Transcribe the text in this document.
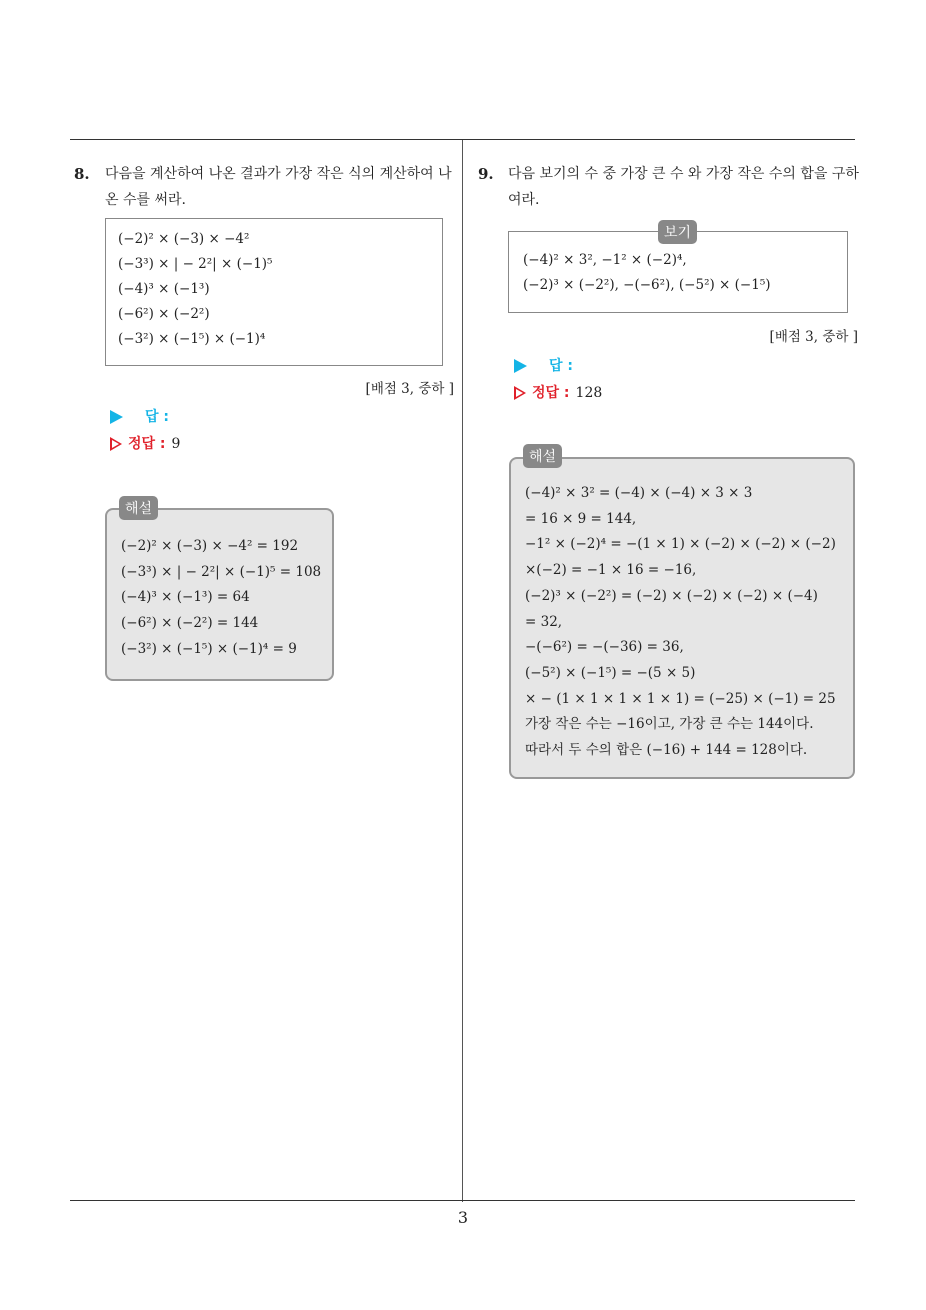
8. 다음을 계산하여 나온 결과가 가장 작은 식의 계산하여 나온 수를 써라.
(−2)² × (−3) × −4²
(−3³) × | − 2²| × (−1)⁵
(−4)³ × (−1³)
(−6²) × (−2²)
(−3²) × (−1⁵) × (−1)⁴
[배점 3, 중하 ]
답 :
정답 : 9
(−2)² × (−3) × −4² = 192
(−3³) × | − 2²| × (−1)⁵ = 108
(−4)³ × (−1³) = 64
(−6²) × (−2²) = 144
(−3²) × (−1⁵) × (−1)⁴ = 9
해설
9. 다음 보기의 수 중 가장 큰 수 와 가장 작은 수의 합을 구하여라.
(−4)² × 3², −1² × (−2)⁴,
(−2)³ × (−2²), −(−6²), (−5²) × (−1⁵)
보기
[배점 3, 중하 ]
답 :
정답 : 128
(−4)² × 3² = (−4) × (−4) × 3 × 3
= 16 × 9 = 144,
−1² × (−2)⁴ = −(1 × 1) × (−2) × (−2) × (−2)
×(−2) = −1 × 16 = −16,
(−2)³ × (−2²) = (−2) × (−2) × (−2) × (−4)
= 32,
−(−6²) = −(−36) = 36,
(−5²) × (−1⁵) = −(5 × 5)
× − (1 × 1 × 1 × 1 × 1) = (−25) × (−1) = 25
가장 작은 수는 −16이고, 가장 큰 수는 144이다.
따라서 두 수의 합은 (−16) + 144 = 128이다.
해설
3
